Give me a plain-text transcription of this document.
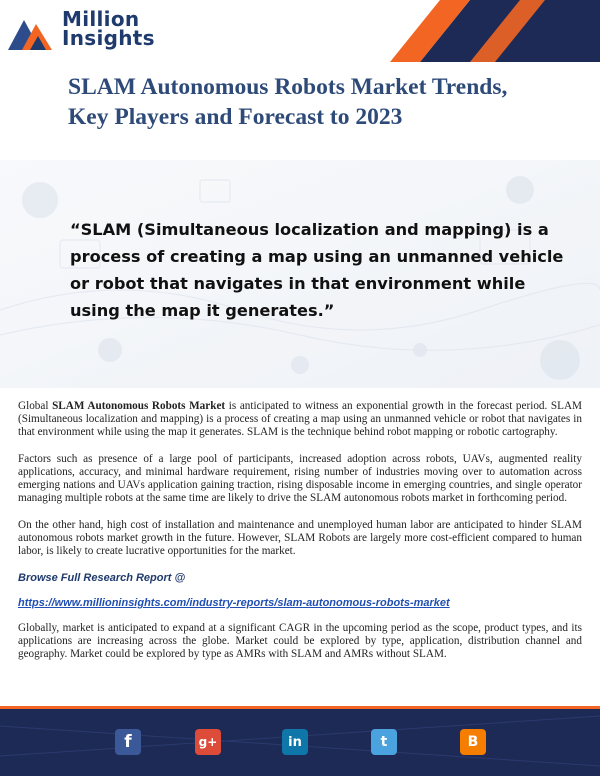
Million
Insights
SLAM Autonomous Robots Market Trends, Key Players and Forecast to 2023
“SLAM (Simultaneous localization and mapping) is a process of creating a map using an unmanned vehicle or robot that navigates in that environment while using the map it generates.”

Global SLAM Autonomous Robots Market is anticipated to witness an exponential growth in the forecast period. SLAM (Simultaneous localization and mapping) is a process of creating a map using an unmanned vehicle or robot that navigates in that environment while using the map it generates. SLAM is the technique behind robot mapping or robotic cartography.

Factors such as presence of a large pool of participants, increased adoption across robots, UAVs, augmented reality applications, accuracy, and minimal hardware requirement, rising number of industries moving over to automation across emerging nations and UAVs application gaining traction, rising disposable income in emerging countries, and single operator managing multiple robots at the same time are likely to drive the SLAM autonomous robots market in forthcoming period.

On the other hand, high cost of installation and maintenance and unemployed human labor are anticipated to hinder SLAM autonomous robots market growth in the future. However, SLAM Robots are largely more cost-efficient compared to human labor, is likely to create lucrative opportunities for the market.

Browse Full Research Report @
https://www.millioninsights.com/industry-reports/slam-autonomous-robots-market

Globally, market is anticipated to expand at a significant CAGR in the upcoming period as the scope, product types, and its applications are increasing across the globe. Market could be explored by type, application, distribution channel and geography. Market could be explored by type as AMRs with SLAM and AMRs without SLAM.

f	g+	in	t	B
